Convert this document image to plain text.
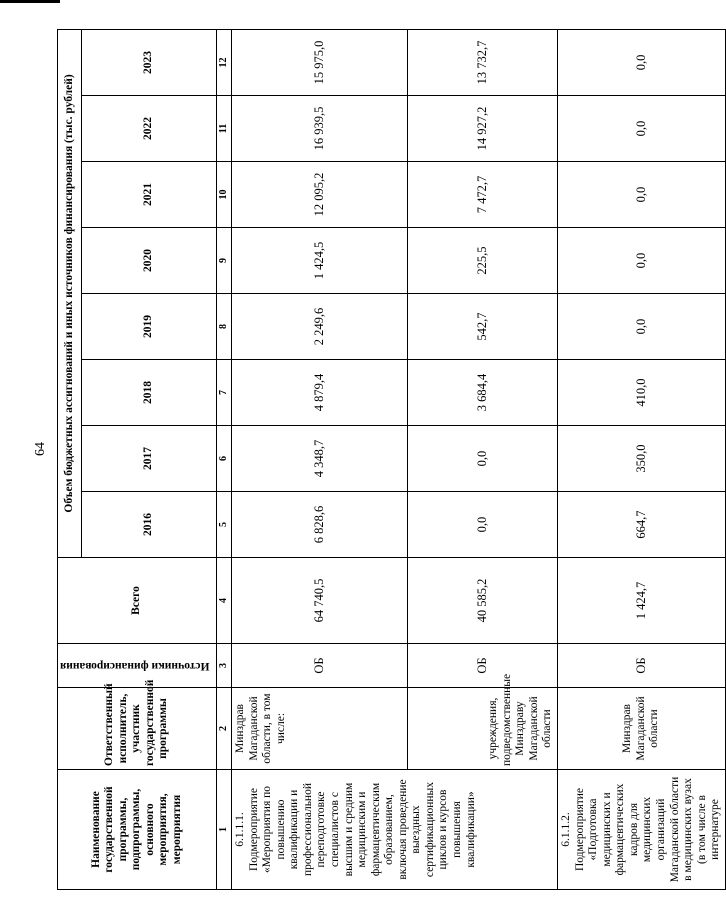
64
Наименование государственной программы, подпрограммы, основного мероприятия, мероприятия	Ответственный исполнитель, участник государственной программы	Источники финансирования	Всего	Объем бюджетных ассигнований и иных источников финансирования (тыс. рублей)							
				2016	2017	2018	2019	2020	2021	2022	2023
1	2	3	4	5	6	7	8	9	10	11	12
6.1.1.1. Подмероприятие «Мероприятия по повышению квалификации и профессиональной переподготовке специалистов с высшим и средним медицинским и фармацевтическим образованием, включая проведение выездных сертификационных циклов и курсов повышения квалификации»	Минздрав Магаданской области, в том числе:	ОБ	64 740,5	6 828,6	4 348,7	4 879,4	2 249,6	1 424,5	12 095,2	16 939,5	15 975,0
	учреждения, подведомственные Минздраву Магаданской области	ОБ	40 585,2	0,0	0,0	3 684,4	542,7	225,5	7 472,7	14 927,2	13 732,7
6.1.1.2. Подмероприятие «Подготовка медицинских и фармацевтических кадров для медицинских организаций Магаданской области в медицинских вузах (в том числе в интернатуре	Минздрав Магаданской области	ОБ	1 424,7	664,7	350,0	410,0	0,0	0,0	0,0	0,0	0,0
